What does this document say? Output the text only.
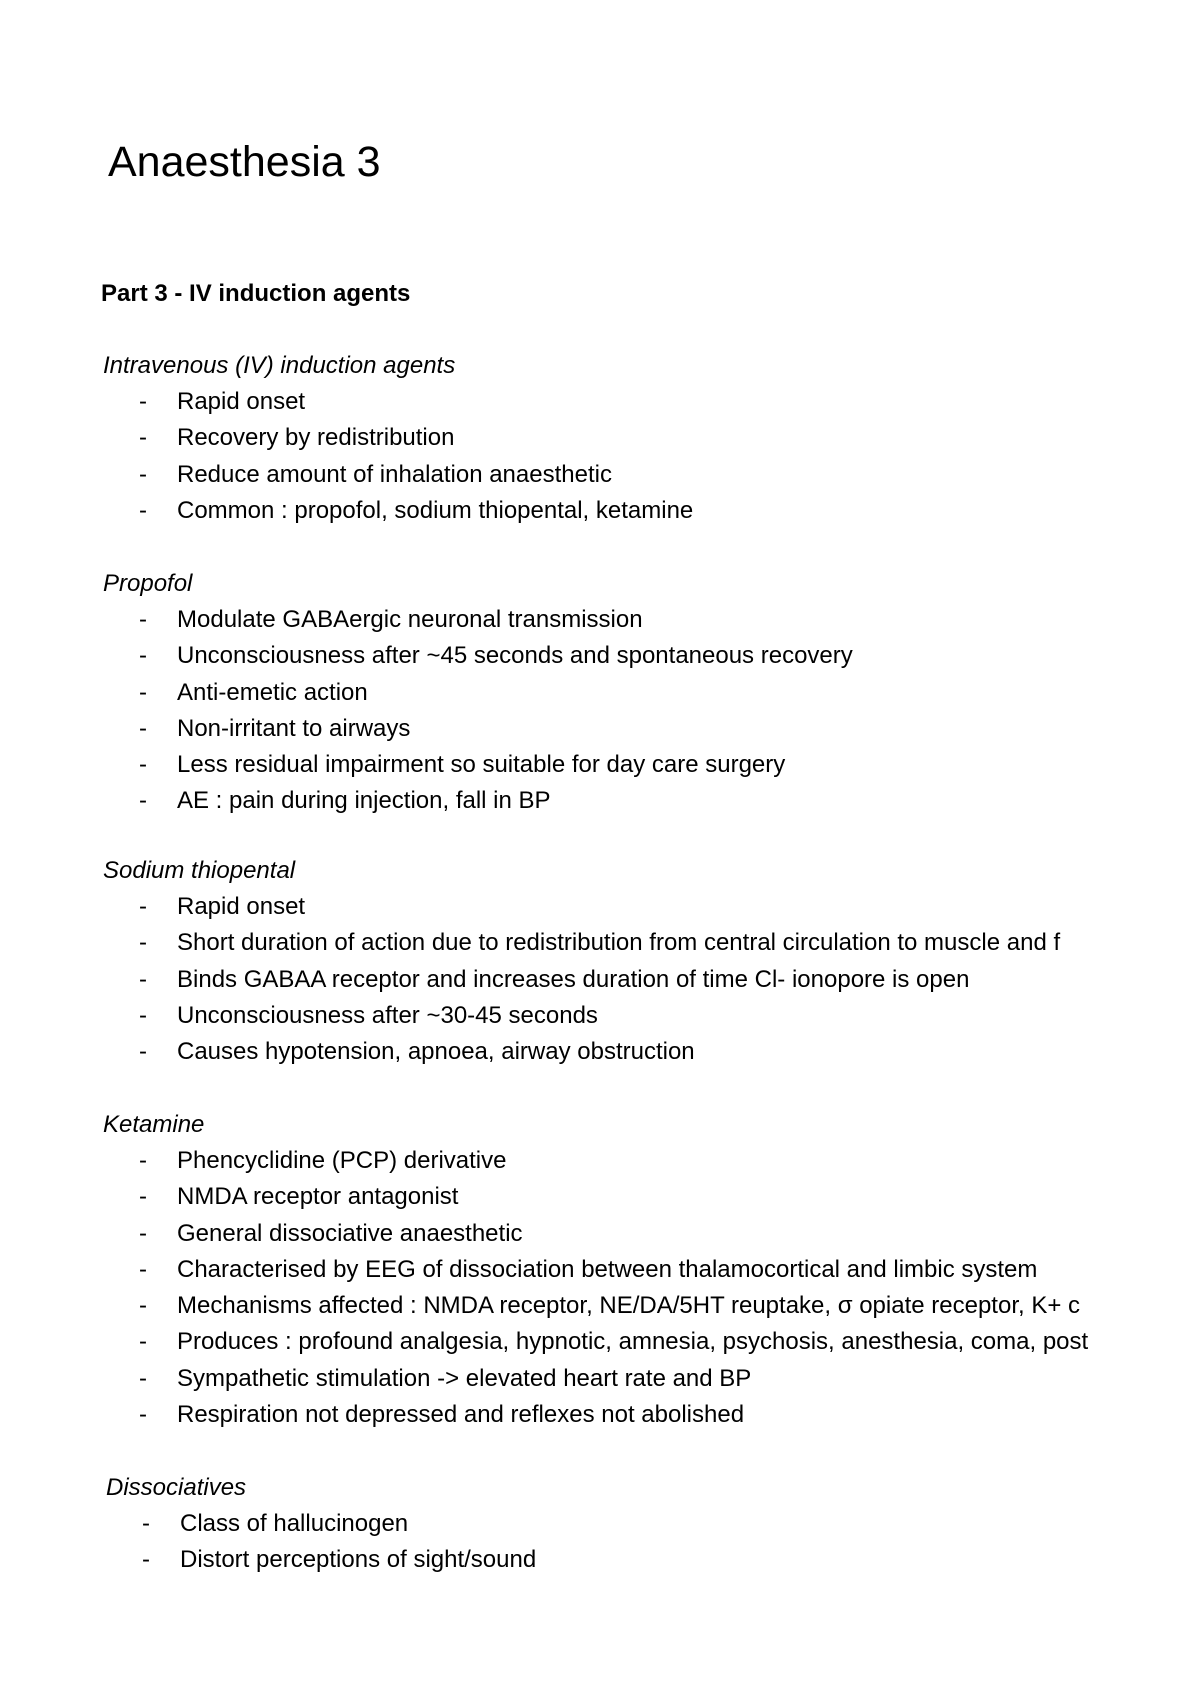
Anaesthesia 3
Part 3 - IV induction agents
Intravenous (IV) induction agents
- Rapid onset
- Recovery by redistribution
- Reduce amount of inhalation anaesthetic
- Common : propofol, sodium thiopental, ketamine
Propofol
- Modulate GABAergic neuronal transmission
- Unconsciousness after ~45 seconds and spontaneous recovery
- Anti-emetic action
- Non-irritant to airways
- Less residual impairment so suitable for day care surgery
- AE : pain during injection, fall in BP
Sodium thiopental
- Rapid onset
- Short duration of action due to redistribution from central circulation to muscle and f
- Binds GABAA receptor and increases duration of time Cl- ionopore is open
- Unconsciousness after ~30-45 seconds
- Causes hypotension, apnoea, airway obstruction
Ketamine
- Phencyclidine (PCP) derivative
- NMDA receptor antagonist
- General dissociative anaesthetic
- Characterised by EEG of dissociation between thalamocortical and limbic system
- Mechanisms affected : NMDA receptor, NE/DA/5HT reuptake, σ opiate receptor, K+ c
- Produces : profound analgesia, hypnotic, amnesia, psychosis, anesthesia, coma, post
- Sympathetic stimulation -> elevated heart rate and BP
- Respiration not depressed and reflexes not abolished
Dissociatives
- Class of hallucinogen
- Distort perceptions of sight/sound
